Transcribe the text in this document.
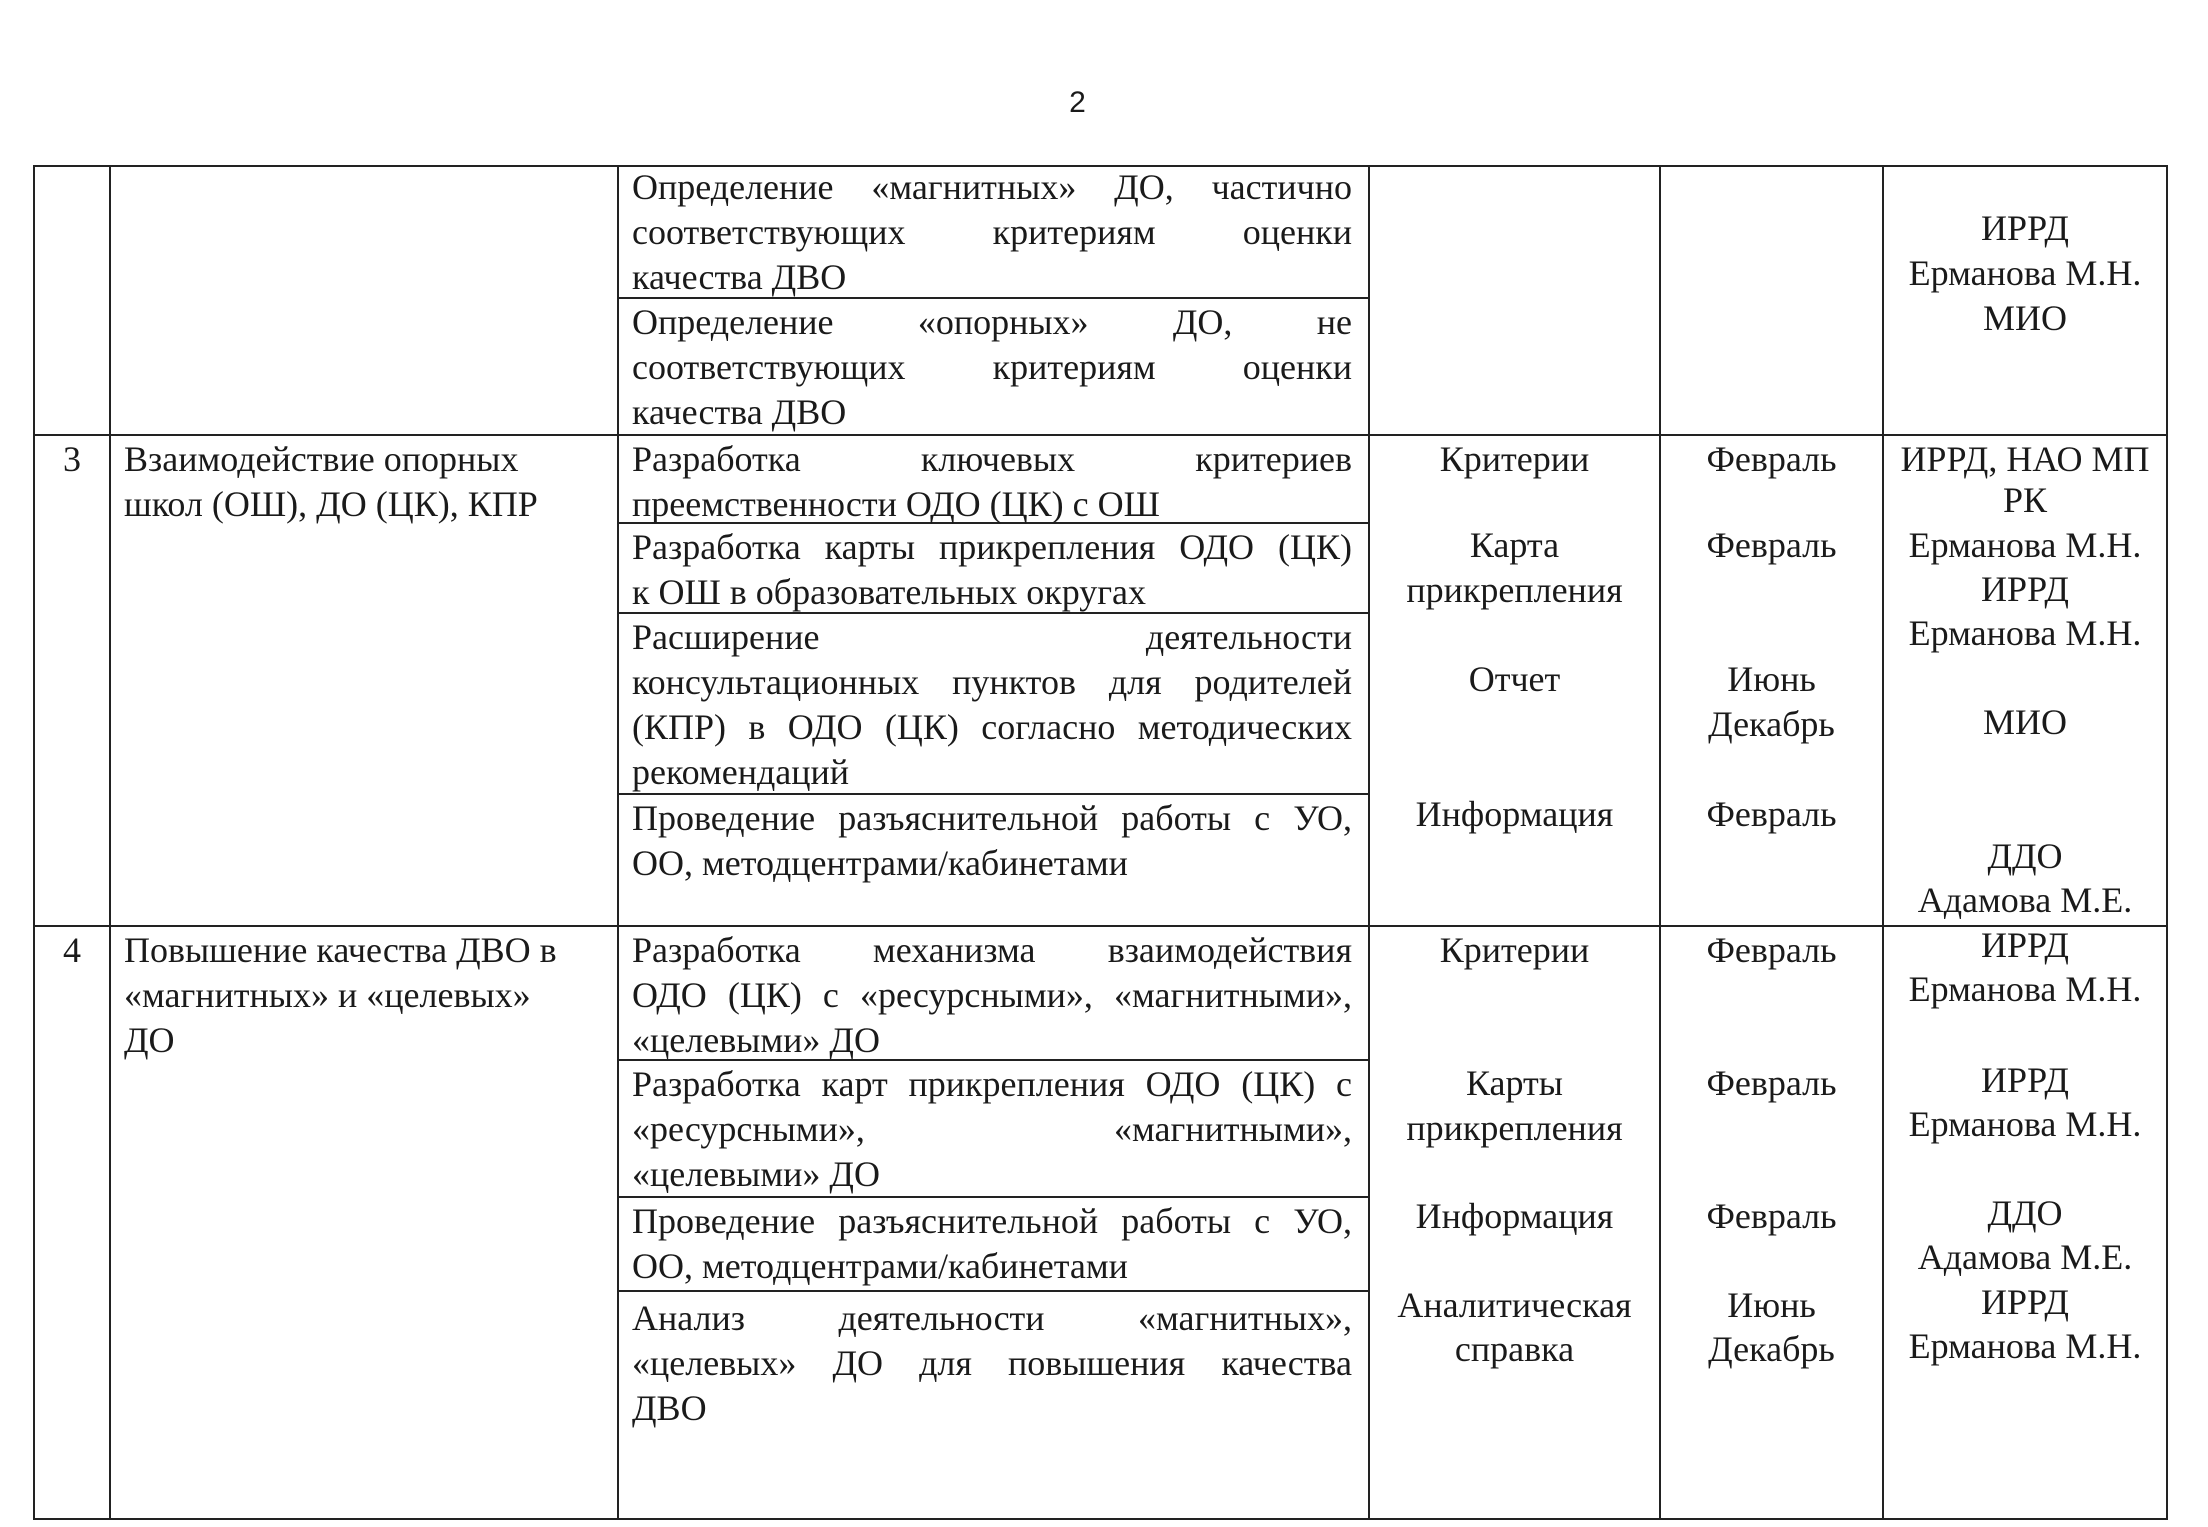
2
Определение «магнитных» ДО, частично
соответствующих критериям оценки
качества ДВО
Определение «опорных» ДО, не
соответствующих критериям оценки
качества ДВО
ИРРД
Ерманова М.Н.
МИО
3	Взаимодействие опорных
школ (ОШ), ДО (ЦК), КПР
Разработка ключевых критериев
преемственности ОДО (ЦК) с ОШ
Разработка карты прикрепления ОДО (ЦК)
к ОШ в образовательных округах
Расширение деятельности
консультационных пунктов для родителей
(КПР) в ОДО (ЦК) согласно методических
рекомендаций
Проведение разъяснительной работы с УО,
ОО, методцентрами/кабинетами
Критерии
Карта
прикрепления
Отчет
Информация
Февраль
Февраль
Июнь
Декабрь
Февраль
ИРРД, НАО МП
РК
Ерманова М.Н.
ИРРД
Ерманова М.Н.
МИО
ДДО
Адамова М.Е.
4	Повышение качества ДВО в
«магнитных» и «целевых»
ДО
Разработка механизма взаимодействия
ОДО (ЦК) с «ресурсными», «магнитными»,
«целевыми» ДО
Разработка карт прикрепления ОДО (ЦК) с
«ресурсными», «магнитными»,
«целевыми» ДО
Проведение разъяснительной работы с УО,
ОО, методцентрами/кабинетами
Анализ деятельности «магнитных»,
«целевых» ДО для повышения качества
ДВО
Критерии
Карты
прикрепления
Информация
Аналитическая
справка
Февраль
Февраль
Февраль
Июнь
Декабрь
ИРРД
Ерманова М.Н.
ИРРД
Ерманова М.Н.
ДДО
Адамова М.Е.
ИРРД
Ерманова М.Н.
